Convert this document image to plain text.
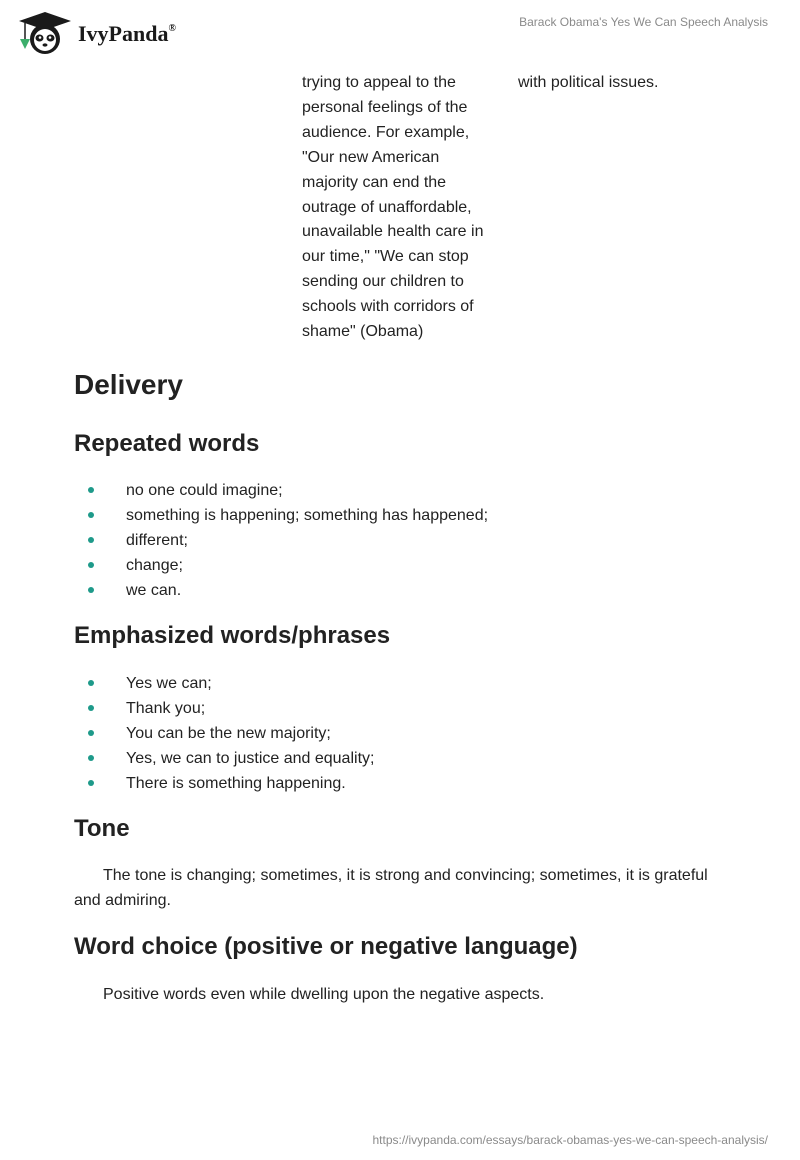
IvyPanda®	Barack Obama's Yes We Can Speech Analysis

trying to appeal to the personal feelings of the audience. For example, "Our new American majority can end the outrage of unaffordable, unavailable health care in our time," "We can stop sending our children to schools with corridors of shame" (Obama)

with political issues.

Delivery
Repeated words
no one could imagine;
something is happening; something has happened;
different;
change;
we can.
Emphasized words/phrases
Yes we can;
Thank you;
You can be the new majority;
Yes, we can to justice and equality;
There is something happening.
Tone

The tone is changing; sometimes, it is strong and convincing; sometimes, it is grateful and admiring.

Word choice (positive or negative language)

Positive words even while dwelling upon the negative aspects.

https://ivypanda.com/essays/barack-obamas-yes-we-can-speech-analysis/
